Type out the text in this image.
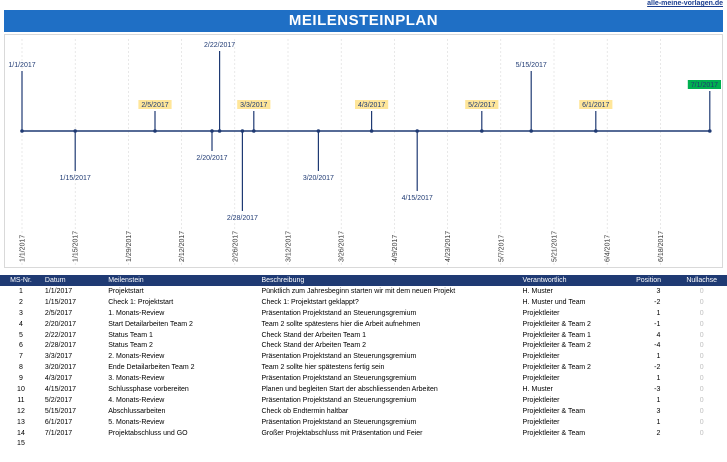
alle-meine-vorlagen.de
MEILENSTEINPLAN
1/1/2017	1/15/2017	1/29/2017	2/12/2017	2/26/2017	3/12/2017	3/26/2017	4/9/2017	4/23/2017	5/7/2017	5/21/2017	6/4/2017	6/18/2017
1/1/2017
1/15/2017
2/5/2017
2/20/2017
2/22/2017
2/28/2017
3/3/2017
3/20/2017
4/3/2017
4/15/2017
5/2/2017
5/15/2017
6/1/2017
7/1/2017
MS-Nr.	Datum	Meilenstein	Beschreibung	Verantwortlich	Position	Nullachse
1	1/1/2017	Projektstart	Pünktlich zum Jahresbeginn starten wir mit dem neuen Projekt	H. Muster	3	0
2	1/15/2017	Check 1: Projektstart	Check 1: Projektstart geklappt?	H. Muster und Team	-2	0
3	2/5/2017	1. Monats-Review	Präsentation Projektstand an Steuerungsgremium	Projektleiter	1	0
4	2/20/2017	Start Detailarbeiten Team 2	Team 2 sollte spätestens hier die Arbeit aufnehmen	Projektleiter & Team 2	-1	0
5	2/22/2017	Status Team 1	Check Stand der Arbeiten Team 1	Projektleiter & Team 1	4	0
6	2/28/2017	Status Team 2	Check Stand der Arbeiten Team 2	Projektleiter & Team 2	-4	0
7	3/3/2017	2. Monats-Review	Präsentation Projektstand an Steuerungsgremium	Projektleiter	1	0
8	3/20/2017	Ende Detailarbeiten Team 2	Team 2 sollte hier spätestens fertig sein	Projektleiter & Team 2	-2	0
9	4/3/2017	3. Monats-Review	Präsentation Projektstand an Steuerungsgremium	Projektleiter	1	0
10	4/15/2017	Schlussphase vorbereiten	Planen und begleiten Start der abschliessenden Arbeiten	H. Muster	-3	0
11	5/2/2017	4. Monats-Review	Präsentation Projektstand an Steuerungsgremium	Projektleiter	1	0
12	5/15/2017	Abschlussarbeiten	Check ob Endtermin haltbar	Projektleiter & Team	3	0
13	6/1/2017	5. Monats-Review	Präsentation Projektstand an Steuerungsgremium	Projektleiter	1	0
14	7/1/2017	Projektabschluss und GO	Großer Projektabschluss mit Präsentation und Feier	Projektleiter & Team	2	0
15						
